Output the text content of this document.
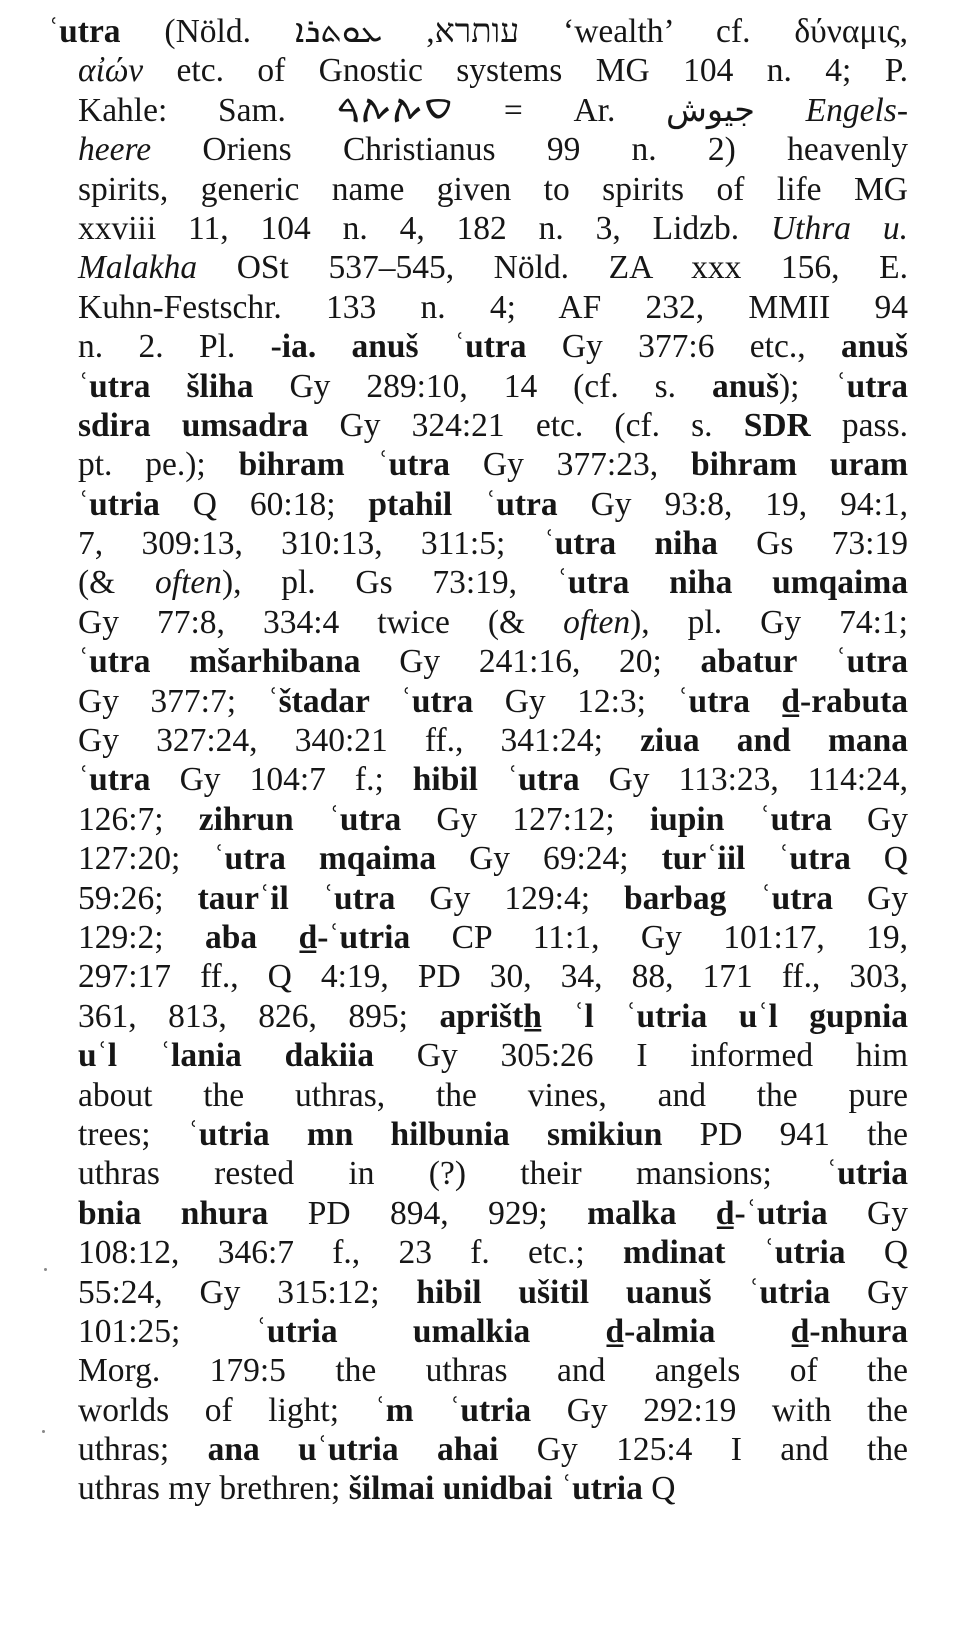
ʿutra (Nöld. עותרא, ܥܘܬܪܐ ‘wealth’ cf. δύναμις,
αἰών etc. of Gnostic systems MG 104 n. 4; P.
Kahle: Sam. ࠏࠕࠕࠓ = Ar. جيوش Engels-
heere Oriens Christianus 99 n. 2) heavenly
spirits, generic name given to spirits of life MG
xxviii 11, 104 n. 4, 182 n. 3, Lidzb. Uthra u.
Malakha OSt 537–545, Nöld. ZA xxx 156, E.
Kuhn-Festschr. 133 n. 4; AF 232, MMII 94
n. 2. Pl. -ia. anuš ʿutra Gy 377:6 etc., anuš
ʿutra šliha Gy 289:10, 14 (cf. s. anuš); ʿutra
sdira umsadra Gy 324:21 etc. (cf. s. SDR pass.
pt. pe.); bihram ʿutra Gy 377:23, bihram uram
ʿutria Q 60:18; ptahil ʿutra Gy 93:8, 19, 94:1,
7, 309:13, 310:13, 311:5; ʿutra niha Gs 73:19
(& often), pl. Gs 73:19, ʿutra niha umqaima
Gy 77:8, 334:4 twice (& often), pl. Gy 74:1;
ʿutra mšarhibana Gy 241:16, 20; abatur ʿutra
Gy 377:7; ʿštadar ʿutra Gy 12:3; ʿutra d̲-rabuta
Gy 327:24, 340:21 ff., 341:24; ziua and mana
ʿutra Gy 104:7 f.; hibil ʿutra Gy 113:23, 114:24,
126:7; zihrun ʿutra Gy 127:12; iupin ʿutra Gy
127:20; ʿutra mqaima Gy 69:24; turʿiil ʿutra Q
59:26; taurʿil ʿutra Gy 129:4; barbag ʿutra Gy
129:2; aba d̲-ʿutria CP 11:1, Gy 101:17, 19,
297:17 ff., Q 4:19, PD 30, 34, 88, 171 ff., 303,
361, 813, 826, 895; aprišth̲ ʿl ʿutria uʿl gupnia
uʿl ʿlania dakiia Gy 305:26 I informed him
about the uthras, the vines, and the pure
trees; ʿutria mn hilbunia smikiun PD 941 the
uthras rested in (?) their mansions; ʿutria
bnia nhura PD 894, 929; malka d̲-ʿutria Gy
108:12, 346:7 f., 23 f. etc.; mdinat ʿutria Q
55:24, Gy 315:12; hibil ušitil uanuš ʿutria Gy
101:25; ʿutria umalkia d̲-almia d̲-nhura
Morg. 179:5 the uthras and angels of the
worlds of light; ʿm ʿutria Gy 292:19 with the
uthras; ana uʿutria ahai Gy 125:4 I and the
uthras my brethren; šilmai unidbai ʿutria Q
